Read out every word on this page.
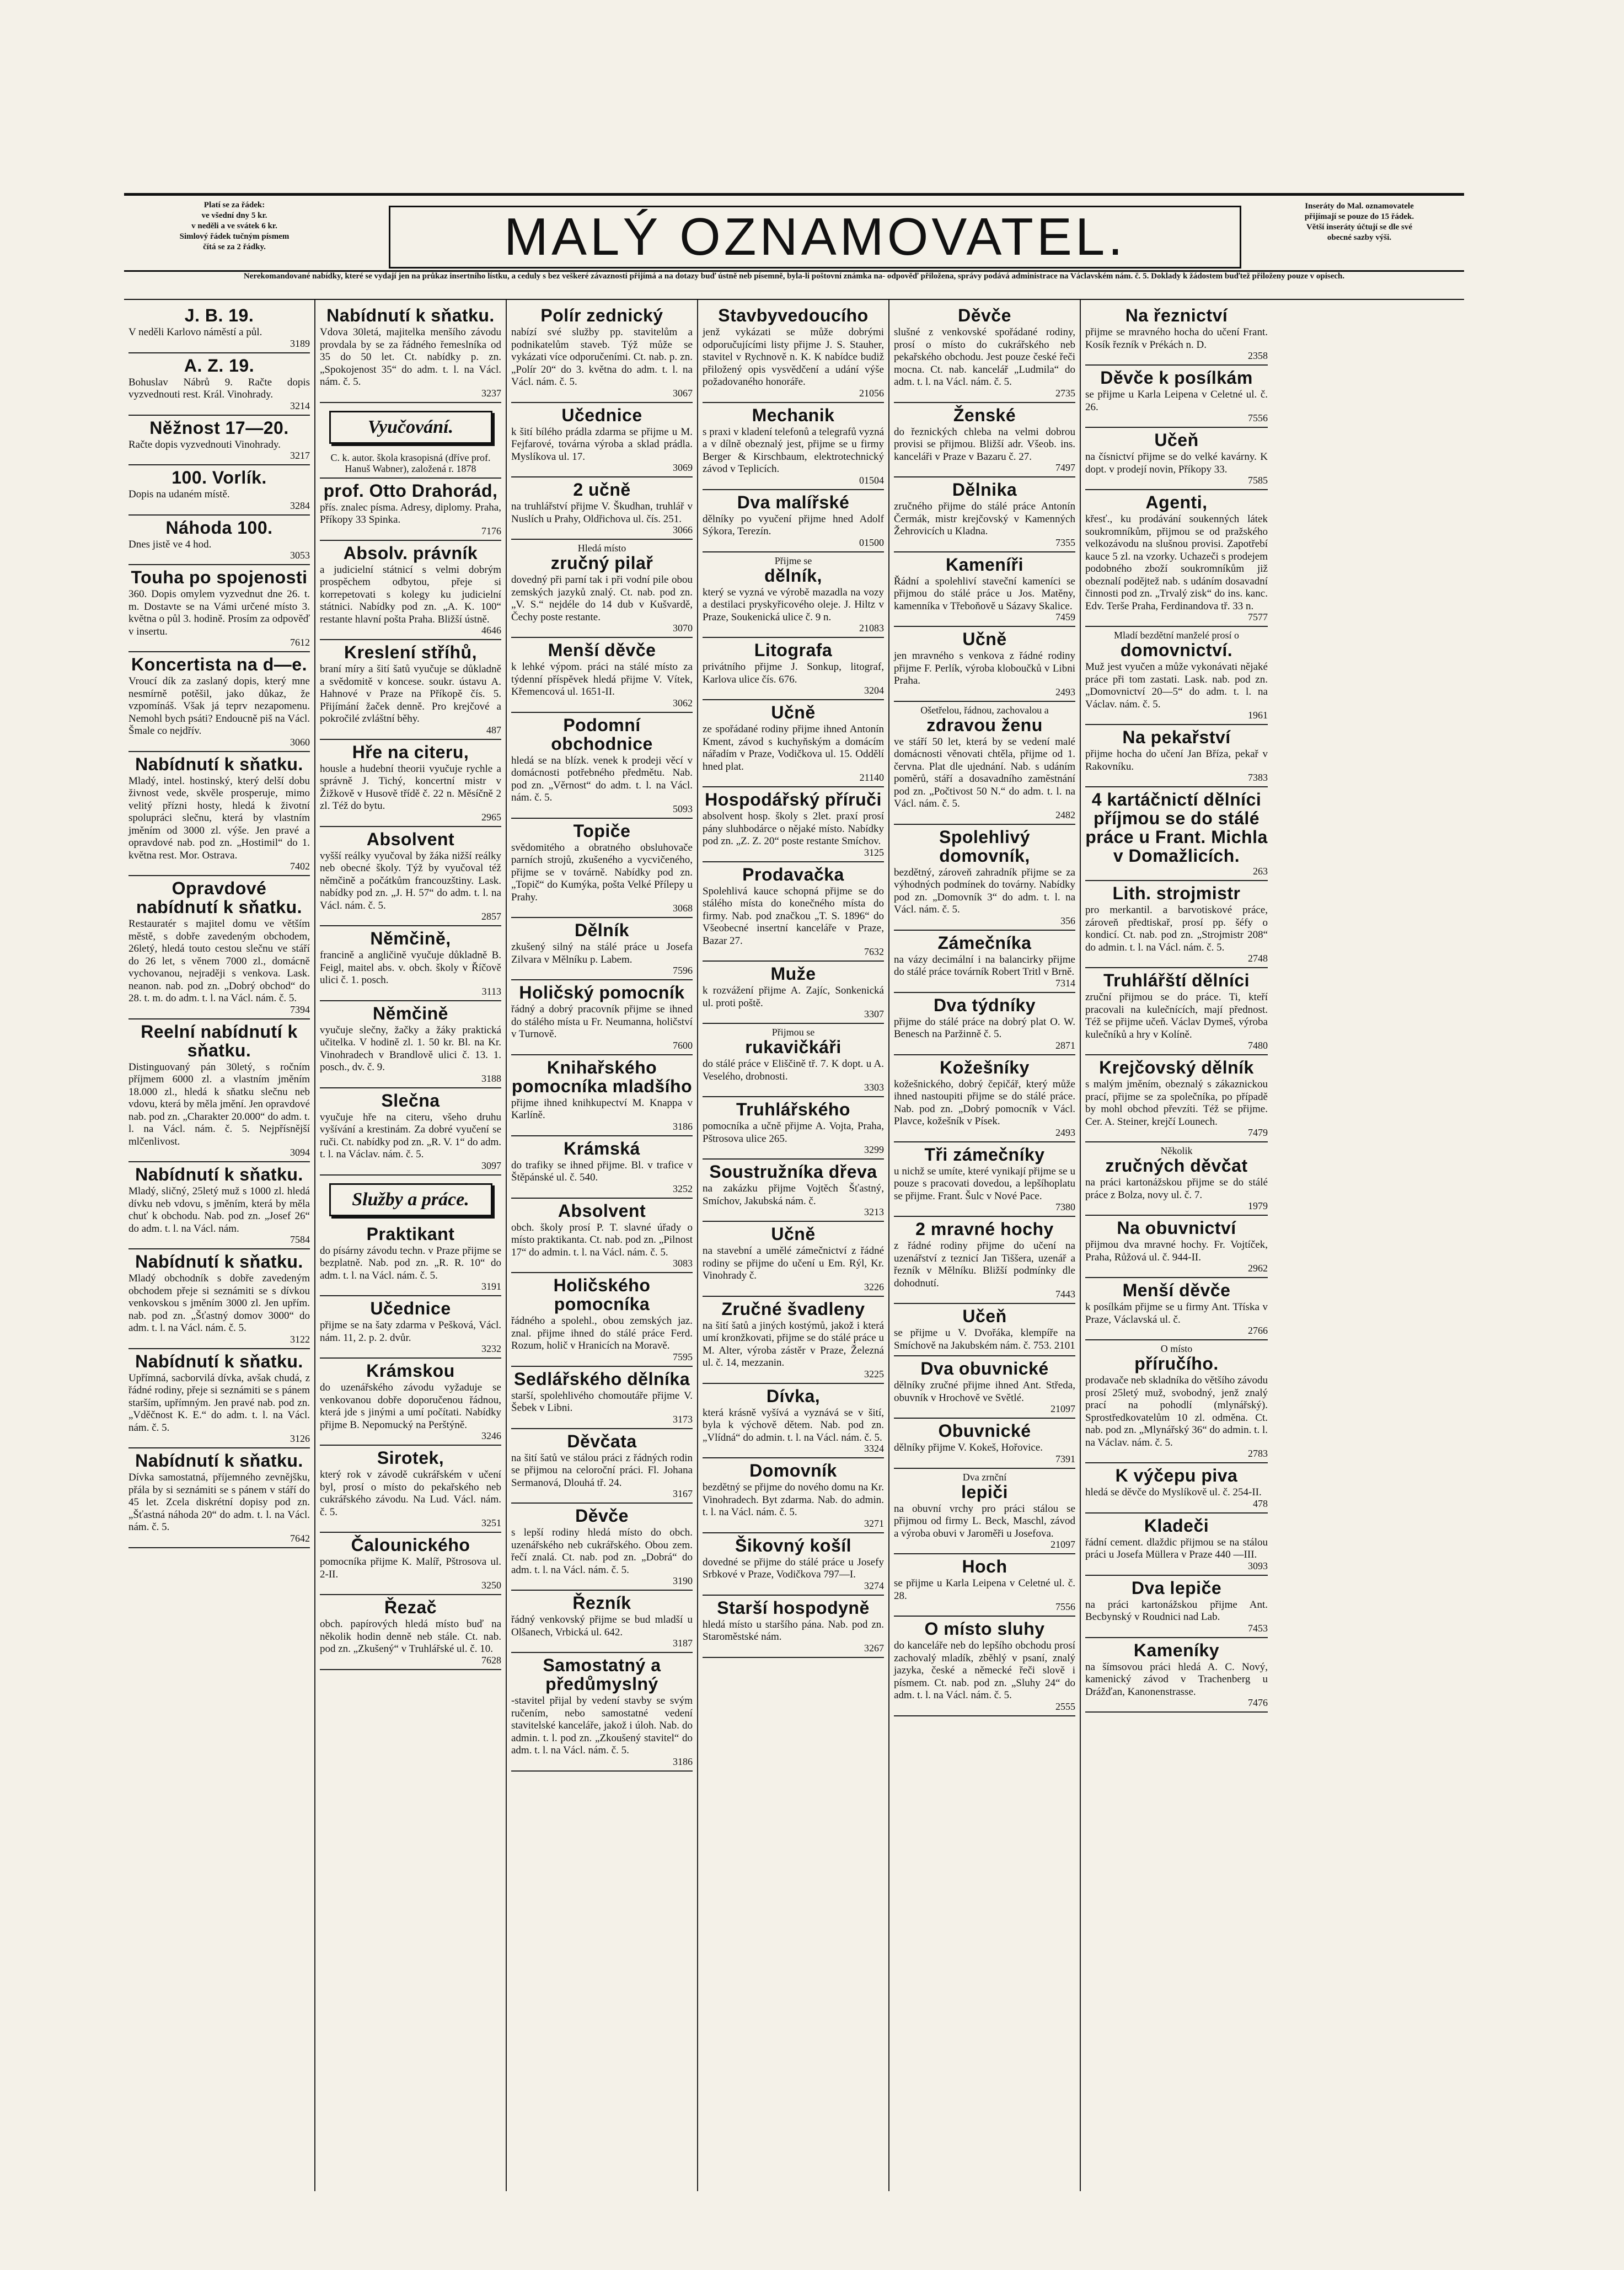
Platí se za řádek:
ve všední dny 5 kr.
v neděli a ve svátek 6 kr.
Simlový řádek tučným písmem
čítá se za 2 řádky.	MALÝ OZNAMOVATEL.
Inseráty do Mal. oznamovatele
přijímají se pouze do 15 řádek.
Větší inseráty účtují se dle své
obecné sazby výši.
Nerekomandované nabídky, které se vydají jen na průkaz insertního lístku, a ceduly s bez veškeré závaznosti přijímá a na dotazy buď ústně neb písemně, byla-li poštovní známka na- odpověď přiložena, správy podává administrace na Václavském nám. č. 5. Doklady k žádostem buďtež přiloženy pouze v opisech.
J. B. 19.

V neděli Karlovo náměstí a půl.

3189
A. Z. 19.

Bohuslav Nábrů 9. Račte dopis vyzvednouti rest. Král. Vinohrady.

3214
Něžnost 17—20.

Račte dopis vyzvednouti Vinohrady.

3217
100. Vorlík.

Dopis na udaném místě.

3284
Náhoda 100.

Dnes jistě ve 4 hod.

3053
Touha po spojenosti

360. Dopis omylem vyzvednut dne 26. t. m. Dostavte se na Vámi určené místo 3. května o půl 3. hodině. Prosím za odpověď v insertu.

7612
Koncertista na d—e.

Vroucí dík za zaslaný dopis, který mne nesmírně potěšil, jako důkaz, že vzpomínáš. Však já teprv nezapomenu. Nemohl bych psáti? Endoucně piš na Václ. Šmale co nejdřív.

3060
Nabídnutí k sňatku.

Mladý, intel. hostinský, který delší dobu živnost vede, skvěle prosperuje, mimo velitý přízni hosty, hledá k životní spolupráci slečnu, která by vlastním jměním od 3000 zl. výše. Jen pravé a opravdové nab. pod zn. „Hostimil“ do 1. května rest. Mor. Ostrava.

7402
Opravdové nabídnutí k sňatku.

Restauratér s majitel domu ve větším městě, s dobře zavedeným obchodem, 26letý, hledá touto cestou slečnu ve stáří do 26 let, s věnem 7000 zl., domácně vychovanou, nejraději s venkova. Lask. neanon. nab. pod zn. „Dobrý obchod“ do 28. t. m. do adm. t. l. na Václ. nám. č. 5.

7394
Reelní nabídnutí k sňatku.

Distinguovaný pán 30letý, s ročním příjmem 6000 zl. a vlastním jměním 18.000 zl., hledá k sňatku slečnu neb vdovu, která by měla jmění. Jen opravdové nab. pod zn. „Charakter 20.000“ do adm. t. l. na Václ. nám. č. 5. Nejpřísnější mlčenlivost.

3094
Nabídnutí k sňatku.

Mladý, sličný, 25letý muž s 1000 zl. hledá dívku neb vdovu, s jměním, která by měla chuť k obchodu. Nab. pod zn. „Josef 26“ do adm. t. l. na Václ. nám.

7584
Nabídnutí k sňatku.

Mladý obchodník s dobře zavedeným obchodem přeje si seznámiti se s dívkou venkovskou s jměním 3000 zl. Jen upřím. nab. pod zn. „Šťastný domov 3000“ do adm. t. l. na Václ. nám. č. 5.

3122
Nabídnutí k sňatku.

Upřímná, sacborvilá dívka, avšak chudá, z řádné rodiny, přeje si seznámiti se s pánem starším, upřímným. Jen pravé nab. pod zn. „Vděčnost K. E.“ do adm. t. l. na Václ. nám. č. 5.

3126
Nabídnutí k sňatku.

Dívka samostatná, příjemného zevnějšku, přála by si seznámiti se s pánem v stáří do 45 let. Zcela diskrétní dopisy pod zn. „Šťastná náhoda 20“ do adm. t. l. na Václ. nám. č. 5.

7642
Nabídnutí k sňatku.

Vdova 30letá, majitelka menšího závodu provdala by se za řádného řemeslníka od 35 do 50 let. Ct. nabídky p. zn. „Spokojenost 35“ do adm. t. l. na Václ. nám. č. 5.

3237
Vyučování.

C. k. autor. škola krasopisná (dříve prof. Hanuš Wabner), založená r. 1878

prof. Otto Drahorád,

přís. znalec písma. Adresy, diplomy. Praha, Příkopy 33 Spinka.

7176
Absolv. právník

a judicielní státnicí s velmi dobrým prospěchem odbytou, přeje si korrepetovati s kolegy ku judicielní státnici. Nabídky pod zn. „A. K. 100“ restante hlavní pošta Praha. Bližší ústně.

4646
Kreslení stříhů,

braní míry a šití šatů vyučuje se důkladně a svědomitě v koncese. soukr. ústavu A. Hahnové v Praze na Příkopě čís. 5. Přijímání žaček denně. Pro krejčové a pokročilé zvláštní běhy.

487
Hře na citeru,

housle a hudební theorii vyučuje rychle a správně J. Tichý, koncertní mistr v Žižkově v Husově třídě č. 22 n. Měsíčně 2 zl. Též do bytu.

2965
Absolvent

vyšší reálky vyučoval by žáka nižší reálky neb obecné školy. Týž by vyučoval též němčině a počátkům francouzštiny. Lask. nabídky pod zn. „J. H. 57“ do adm. t. l. na Václ. nám. č. 5.

2857
Němčině,

francině a angličině vyučuje důkladně B. Feigl, maitel abs. v. obch. školy v Říčově ulici č. 1. posch.

3113
Němčině

vyučuje slečny, žačky a žáky praktická učitelka. V hodině zl. 1. 50 kr. Bl. na Kr. Vinohradech v Brandlově ulici č. 13. 1. posch., dv. č. 9.

3188
Slečna

vyučuje hře na citeru, všeho druhu vyšívání a krestinám. Za dobré vyučení se ruči. Ct. nabídky pod zn. „R. V. 1“ do adm. t. l. na Václav. nám. č. 5.

3097
Služby a práce.
Praktikant

do písárny závodu techn. v Praze přijme se bezplatně. Nab. pod zn. „R. R. 10“ do adm. t. l. na Václ. nám. č. 5.

3191
Učednice

přijme se na šaty zdarma v Pešková, Václ. nám. 11, 2. p. 2. dvůr.

3232
Krámskou

do uzenářského závodu vyžaduje se venkovanou dobře doporučenou řádnou, která jde s jinými a umí počítati. Nabídky přijme B. Nepomucký na Perštýně.

3246
Sirotek,

který rok v závodě cukrářském v učení byl, prosí o místo do pekařského neb cukrářského závodu. Na Lud. Václ. nám. č. 5.

3251
Čalounického

pomocníka přijme K. Malíř, Pštrosova ul. 2-II.

3250
Řezač

obch. papírových hledá místo buď na několik hodin denně neb stále. Ct. nab. pod zn. „Zkušený“ v Truhlářské ul. č. 10.

7628
Polír zednický

nabízí své služby pp. stavitelům a podnikatelům staveb. Týž může se vykázati více odporučeními. Ct. nab. p. zn. „Polír 20“ do 3. května do adm. t. l. na Václ. nám. č. 5.

3067
Učednice

k šití bílého prádla zdarma se přijme u M. Fejfarové, továrna výroba a sklad prádla. Myslíkova ul. 17.

3069
2 učně

na truhlářství přijme V. Škudhan, truhlář v Nuslích u Prahy, Oldřichova ul. čís. 251.

3066

Hledá místo

zručný pilař

dovedný při parní tak i při vodní pile obou zemských jazyků znalý. Ct. nab. pod zn. „V. S.“ nejdéle do 14 dub v Kušvardě, Čechy poste restante.

3070
Menší děvče

k lehké výpom. práci na stálé místo za týdenní příspěvek hledá přijme V. Vítek, Křemencová ul. 1651-II.

3062
Podomní obchodnice

hledá se na blízk. venek k prodeji věcí v domácnosti potřebného předmětu. Nab. pod zn. „Věrnost“ do adm. t. l. na Václ. nám. č. 5.

5093
Topiče

svědomitého a obratného obsluhovače parních strojů, zkušeného a vycvičeného, přijme se v továrně. Nabídky pod zn. „Topič“ do Kumýka, pošta Velké Přílepy u Prahy.

3068
Dělník

zkušený silný na stálé práce u Josefa Zilvara v Mělníku p. Labem.

7596
Holičský pomocník

řádný a dobrý pracovník přijme se ihned do stálého místa u Fr. Neumanna, holičství v Turnově.

7600
Knihařského pomocníka mladšího

přijme ihned knihkupectví M. Knappa v Karlíně.

3186
Krámská

do trafiky se ihned přijme. Bl. v trafice v Štěpánské ul. č. 540.

3252
Absolvent

obch. školy prosí P. T. slavné úřady o místo praktikanta. Ct. nab. pod zn. „Pilnost 17“ do admin. t. l. na Václ. nám. č. 5.

3083
Holičského pomocníka

řádného a spolehl., obou zemských jaz. znal. přijme ihned do stálé práce Ferd. Rozum, holič v Hranicích na Moravě.

7595
Sedlářského dělníka

starší, spolehlivého chomoutáře přijme V. Šebek v Libni.

3173
Děvčata

na šití šatů ve stálou práci z řádných rodin se přijmou na celoroční práci. Fl. Johana Sermanová, Dlouhá tř. 24.

3167
Děvče

s lepší rodiny hledá místo do obch. uzenářského neb cukrářského. Obou zem. řečí znalá. Ct. nab. pod zn. „Dobrá“ do adm. t. l. na Václ. nám. č. 5.

3190
Řezník

řádný venkovský přijme se bud mladší u Olšanech, Vrbická ul. 642.

3187
Samostatný a předůmyslný

-stavitel přijal by vedení stavby se svým ručením, nebo samostatné vedení stavitelské kanceláře, jakož i úloh. Nab. do admin. t. l. pod zn. „Zkoušený stavitel“ do adm. t. l. na Václ. nám. č. 5.

3186
Stavbyvedoucího

jenž vykázati se může dobrými odporučujícími listy přijme J. S. Stauher, stavitel v Rychnově n. K. K nabídce budiž přiložený opis vysvědčení a udání výše požadovaného honoráře.

21056
Mechanik

s praxi v kladení telefonů a telegrafů vyzná a v dílně obeznalý jest, přijme se u firmy Berger & Kirschbaum, elektrotechnický závod v Teplicích.

01504
Dva malířské

dělníky po vyučení přijme hned Adolf Sýkora, Terezín.

01500

Přijme se

dělník,

který se vyzná ve výrobě mazadla na vozy a destilaci pryskyřicového oleje. J. Hiltz v Praze, Soukenická ulice č. 9 n.

21083
Litografa

privátního přijme J. Sonkup, litograf, Karlova ulice čís. 676.

3204
Učně

ze spořádané rodiny přijme ihned Antonín Kment, závod s kuchyňským a domácím nářadím v Praze, Vodičkova ul. 15. Oddělí hned plat.

21140
Hospodářský příruči

absolvent hosp. školy s 2let. praxí prosí pány sluhbodárce o nějaké místo. Nabídky pod zn. „Z. Z. 20“ poste restante Smíchov.

3125
Prodavačka

Spolehlivá kauce schopná přijme se do stálého místa do konečného místa do firmy. Nab. pod značkou „T. S. 1896“ do Všeobecné insertní kanceláře v Praze, Bazar 27.

7632
Muže

k rozvážení přijme A. Zajíc, Sonkenická ul. proti poště.

3307

Přijmou se

rukavičkáři

do stálé práce v Eliščině tř. 7. K dopt. u A. Veselého, drobnosti.

3303
Truhlářského

pomocníka a učně přijme A. Vojta, Praha, Pštrosova ulice 265.

3299
Soustružníka dřeva

na zakázku přijme Vojtěch Šťastný, Smíchov, Jakubská nám. č.

3213
Učně

na stavební a umělé zámečnictví z řádné rodiny se přijme do učení u Em. Rýl, Kr. Vinohrady č.

3226
Zručné švadleny

na šití šatů a jiných kostýmů, jakož i která umí kronžkovati, přijme se do stálé práce u M. Alter, výroba zástěr v Praze, Železná ul. č. 14, mezzanin.

3225
Dívka,

která krásně vyšívá a vyznává se v šití, byla k výchově dětem. Nab. pod zn. „Vlídná“ do admin. t. l. na Václ. nám. č. 5.

3324
Domovník

bezdětný se přijme do nového domu na Kr. Vinohradech. Byt zdarma. Nab. do admin. t. l. na Václ. nám. č. 5.

3271
Šikovný košíl

dovedné se přijme do stálé práce u Josefy Srbkové v Praze, Vodičkova 797—I.

3274
Starší hospodyně

hledá místo u staršího pána. Nab. pod zn. Staroměstské nám.

3267
Děvče

slušné z venkovské spořádané rodiny, prosí o místo do cukrářského neb pekařského obchodu. Jest pouze české řeči mocna. Ct. nab. kancelář „Ludmila“ do adm. t. l. na Václ. nám. č. 5.

2735
Ženské

do řeznických chleba na velmi dobrou provisi se přijmou. Bližší adr. Všeob. ins. kanceláři v Praze v Bazaru č. 27.

7497
Dělnika

zručného přijme do stálé práce Antonín Čermák, mistr krejčovský v Kamenných Žehrovicích u Kladna.

7355
Kameníři

Řádní a spolehliví staveční kameníci se přijmou do stálé práce u Jos. Matěny, kamenníka v Třeboňově u Sázavy Skalice.

7459
Učně

jen mravného s venkova z řádné rodiny přijme F. Perlík, výroba kloboučků v Libni Praha.

2493

Ošetřelou, řádnou, zachovalou a

zdravou ženu

ve stáří 50 let, která by se vedení malé domácnosti věnovati chtěla, přijme od 1. června. Plat dle ujednání. Nab. s udáním poměrů, stáří a dosavadního zaměstnání pod zn. „Počtivost 50 N.“ do adm. t. l. na Václ. nám. č. 5.

2482
Spolehlivý domovník,

bezdětný, zároveň zahradník přijme se za výhodných podmínek do továrny. Nabídky pod zn. „Domovník 3“ do adm. t. l. na Václ. nám. č. 5.

356
Zámečníka

na vázy decimální i na balancirky přijme do stálé práce továrník Robert Tritl v Brně.

7314
Dva týdníky

přijme do stálé práce na dobrý plat O. W. Benesch na Paržinně č. 5.

2871
Kožešníky

kožešnického, dobrý čepičář, který může ihned nastoupiti přijme se do stálé práce. Nab. pod zn. „Dobrý pomocník v Václ. Plavce, kožešník v Písek.

2493
Tři zámečníky

u nichž se umíte, které vynikají přijme se u pouze s pracovati dovedou, a lepšíhoplatu se přijme. Frant. Šulc v Nové Pace.

7380
2 mravné hochy

z řádné rodiny přijme do učení na uzenářství z teznicí Jan Tiššera, uzenář a řezník v Mělníku. Bližší podmínky dle dohodnutí.

7443
Učeň

se přijme u V. Dvořáka, klempíře na Smíchově na Jakubském nám. č. 753. 2101

Dva obuvnické

dělníky zručné přijme ihned Ant. Středa, obuvník v Hrochově ve Světlé.

21097
Obuvnické

dělníky přijme V. Kokeš, Hořovice.

7391

Dva zrnční

lepiči

na obuvní vrchy pro práci stálou se přijmou od firmy L. Beck, Maschl, závod a výroba obuvi v Jaroměři u Josefova.

21097
Hoch

se přijme u Karla Leipena v Celetné ul. č. 28.

7556
O místo sluhy

do kanceláře neb do lepšího obchodu prosí zachovalý mladík, zběhlý v psaní, znalý jazyka, české a německé řeči slově i písmem. Ct. nab. pod zn. „Sluhy 24“ do adm. t. l. na Václ. nám. č. 5.

2555
Na řeznictví

přijme se mravného hocha do učení Frant. Kosík řezník v Prékách n. D.

2358
Děvče k posílkám

se přijme u Karla Leipena v Celetné ul. č. 26.

7556
Učeň

na čísnictví přijme se do velké kavárny. K dopt. v prodejí novin, Příkopy 33.

7585
Agenti,

křesť., ku prodávání soukenných látek soukromníkům, přijmou se od pražského velkozávodu na slušnou provisi. Zapotřebí kauce 5 zl. na vzorky. Uchazeči s prodejem podobného zboží soukromníkům již obeznalí podějtež nab. s udáním dosavadní činnosti pod zn. „Trvalý zisk“ do ins. kanc. Edv. Terše Praha, Ferdinandova tř. 33 n.

7577

Mladí bezdětní manželé prosí o

domovnictví.

Muž jest vyučen a může vykonávati nějaké práce při tom zastati. Lask. nab. pod zn. „Domovnictví 20—5“ do adm. t. l. na Václav. nám. č. 5.

1961
Na pekařství

přijme hocha do učení Jan Bříza, pekař v Rakovníku.

7383
4 kartáčnictí dělníci příjmou se do stálé práce u Frant. Michla v Domažlicích.
263
Lith. strojmistr

pro merkantil. a barvotiskové práce, zároveň předtiskař, prosí pp. šéfy o kondicí. Ct. nab. pod zn. „Strojmistr 208“ do admin. t. l. na Václ. nám. č. 5.

2748
Truhlářští dělníci

zruční přijmou se do práce. Ti, kteří pracovali na kulečnících, mají přednost. Též se přijme učeň. Václav Dymeš, výroba kulečníků a hry v Kolíně.

7480
Krejčovský dělník

s malým jměním, obeznalý s zákaznickou prací, přijme se za společníka, po případě by mohl obchod převzíti. Též se přijme. Cer. A. Steiner, krejčí Lounech.

7479

Několik

zručných děvčat

na práci kartonážskou přijme se do stálé práce z Bolza, novy ul. č. 7.

1979
Na obuvnictví

přijmou dva mravné hochy. Fr. Vojtíček, Praha, Růžová ul. č. 944-II.

2962
Menší děvče

k posílkám přijme se u firmy Ant. Tříska v Praze, Václavská ul. č.

2766

O místo

příručího.

prodavače neb skladníka do většího závodu prosí 25letý muž, svobodný, jenž znalý prací na pohodlí (mlynářský). Sprostředkovatelům 10 zl. odměna. Ct. nab. pod zn. „Mlynářský 36“ do admin. t. l. na Václav. nám. č. 5.

2783
K výčepu piva

hledá se děvče do Myslíkově ul. č. 254-II.

478
Kladeči

řádní cement. dlaždic přijmou se na stálou práci u Josefa Müllera v Praze 440 —III.

3093
Dva lepiče

na práci kartonážskou přijme Ant. Becbynský v Roudnici nad Lab.

7453
Kameníky

na šímsovou práci hledá A. C. Nový, kamenický závod v Trachenberg u Drážďan, Kanonenstrasse.

7476
